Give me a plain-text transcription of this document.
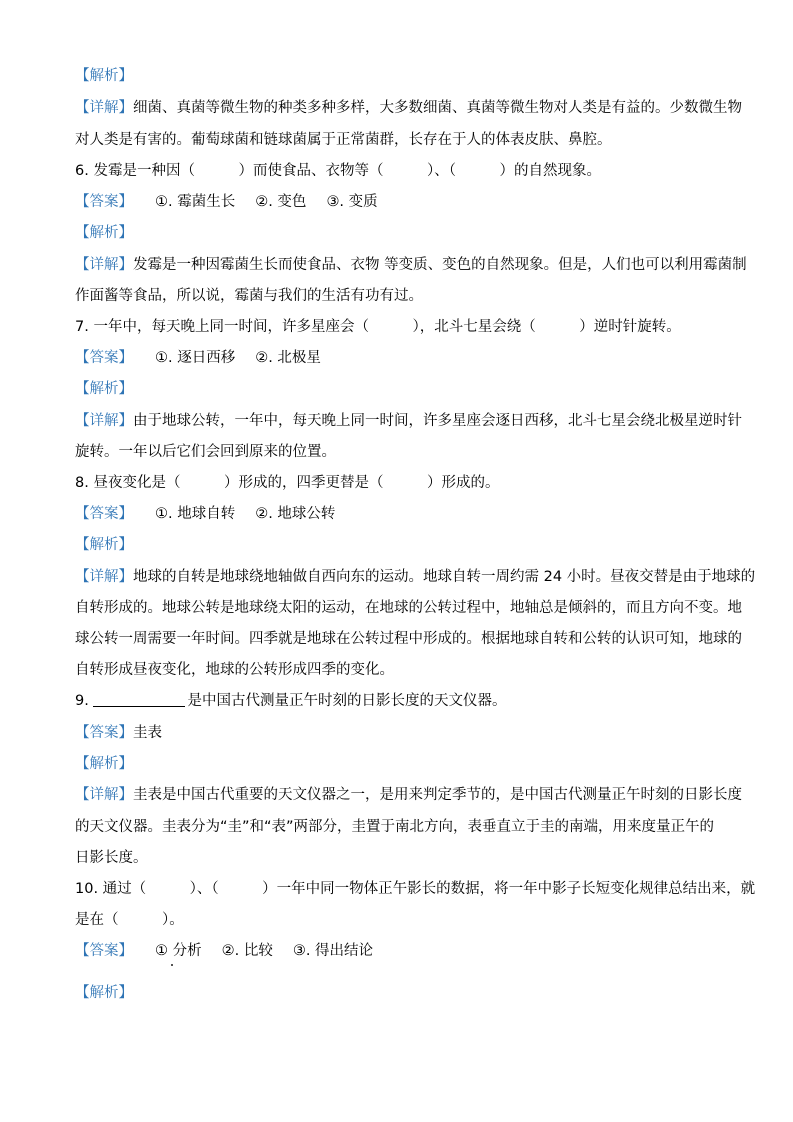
【解析】
【详解】细菌、真菌等微生物的种类多种多样，大多数细菌、真菌等微生物对人类是有益的。少数微生物
对人类是有害的。葡萄球菌和链球菌属于正常菌群，长存在于人的体表皮肤、鼻腔。
6. 发霉是一种因（　　　）而使食品、衣物等（　　　）、（　　　）的自然现象。
【答案】 ①. 霉菌生长 ②. 变色 ③. 变质
【解析】
【详解】发霉是一种因霉菌生长而使食品、衣物 等变质、变色的自然现象。但是，人们也可以利用霉菌制
作面酱等食品，所以说，霉菌与我们的生活有功有过。
7. 一年中，每天晚上同一时间，许多星座会（　　　），北斗七星会绕（　　　）逆时针旋转。
【答案】 ①. 逐日西移 ②. 北极星
【解析】
【详解】由于地球公转，一年中，每天晚上同一时间，许多星座会逐日西移，北斗七星会绕北极星逆时针
旋转。一年以后它们会回到原来的位置。
8. 昼夜变化是（　　　）形成的，四季更替是（　　　）形成的。
【答案】 ①. 地球自转 ②. 地球公转
【解析】
【详解】地球的自转是地球绕地轴做自西向东的运动。地球自转一周约需 24 小时。昼夜交替是由于地球的
自转形成的。地球公转是地球绕太阳的运动，在地球的公转过程中，地轴总是倾斜的，而且方向不变。地
球公转一周需要一年时间。四季就是地球在公转过程中形成的。根据地球自转和公转的认识可知，地球的
自转形成昼夜变化，地球的公转形成四季的变化。
9.	是中国古代测量正午时刻的日影长度的天文仪器。
【答案】圭表
【解析】
【详解】圭表是中国古代重要的天文仪器之一，是用来判定季节的，是中国古代测量正午时刻的日影长度
的天文仪器。圭表分为“圭”和“表”两部分，圭置于南北方向，表垂直立于圭的南端，用来度量正午的
日影长度。
10. 通过（　　　）、（　　　）一年中同一物体正午影长的数据，将一年中影子长短变化规律总结出来，就
是在（　　　）。
【答案】 ① 分析 ②. 比较 ③. 得出结论
【解析】
